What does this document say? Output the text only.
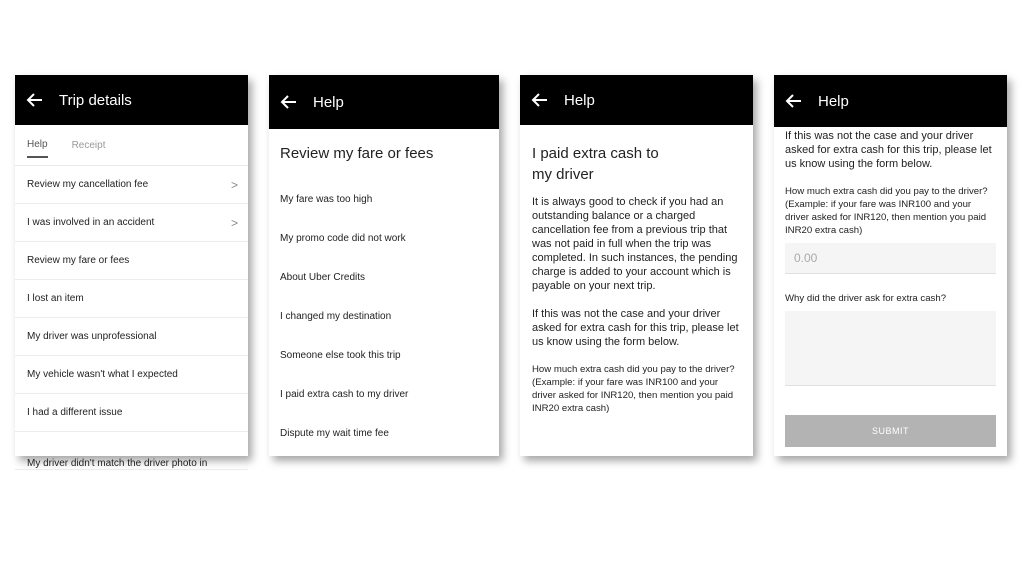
Trip details
Help Receipt
Review my cancellation fee	>
I was involved in an accident	>
Review my fare or fees
I lost an item
My driver was unprofessional
My vehicle wasn't what I expected
I had a different issue
My driver didn't match the driver photo in
Help
Review my fare or fees
My fare was too high
My promo code did not work
About Uber Credits
I changed my destination
Someone else took this trip
I paid extra cash to my driver
Dispute my wait time fee
Help
I paid extra cash to
my driver

It is always good to check if you had an outstanding balance or a charged cancellation fee from a previous trip that was not paid in full when the trip was completed. In such instances, the pending charge is added to your account which is payable on your next trip.

If this was not the case and your driver asked for extra cash for this trip, please let us know using the form below.

How much extra cash did you pay to the driver? (Example: if your fare was INR100 and your driver asked for INR120, then mention you paid INR20 extra cash)

Help

If this was not the case and your driver asked for extra cash for this trip, please let us know using the form below.

How much extra cash did you pay to the driver? (Example: if your fare was INR100 and your driver asked for INR120, then mention you paid INR20 extra cash)
0.00
Why did the driver ask for extra cash?
SUBMIT
